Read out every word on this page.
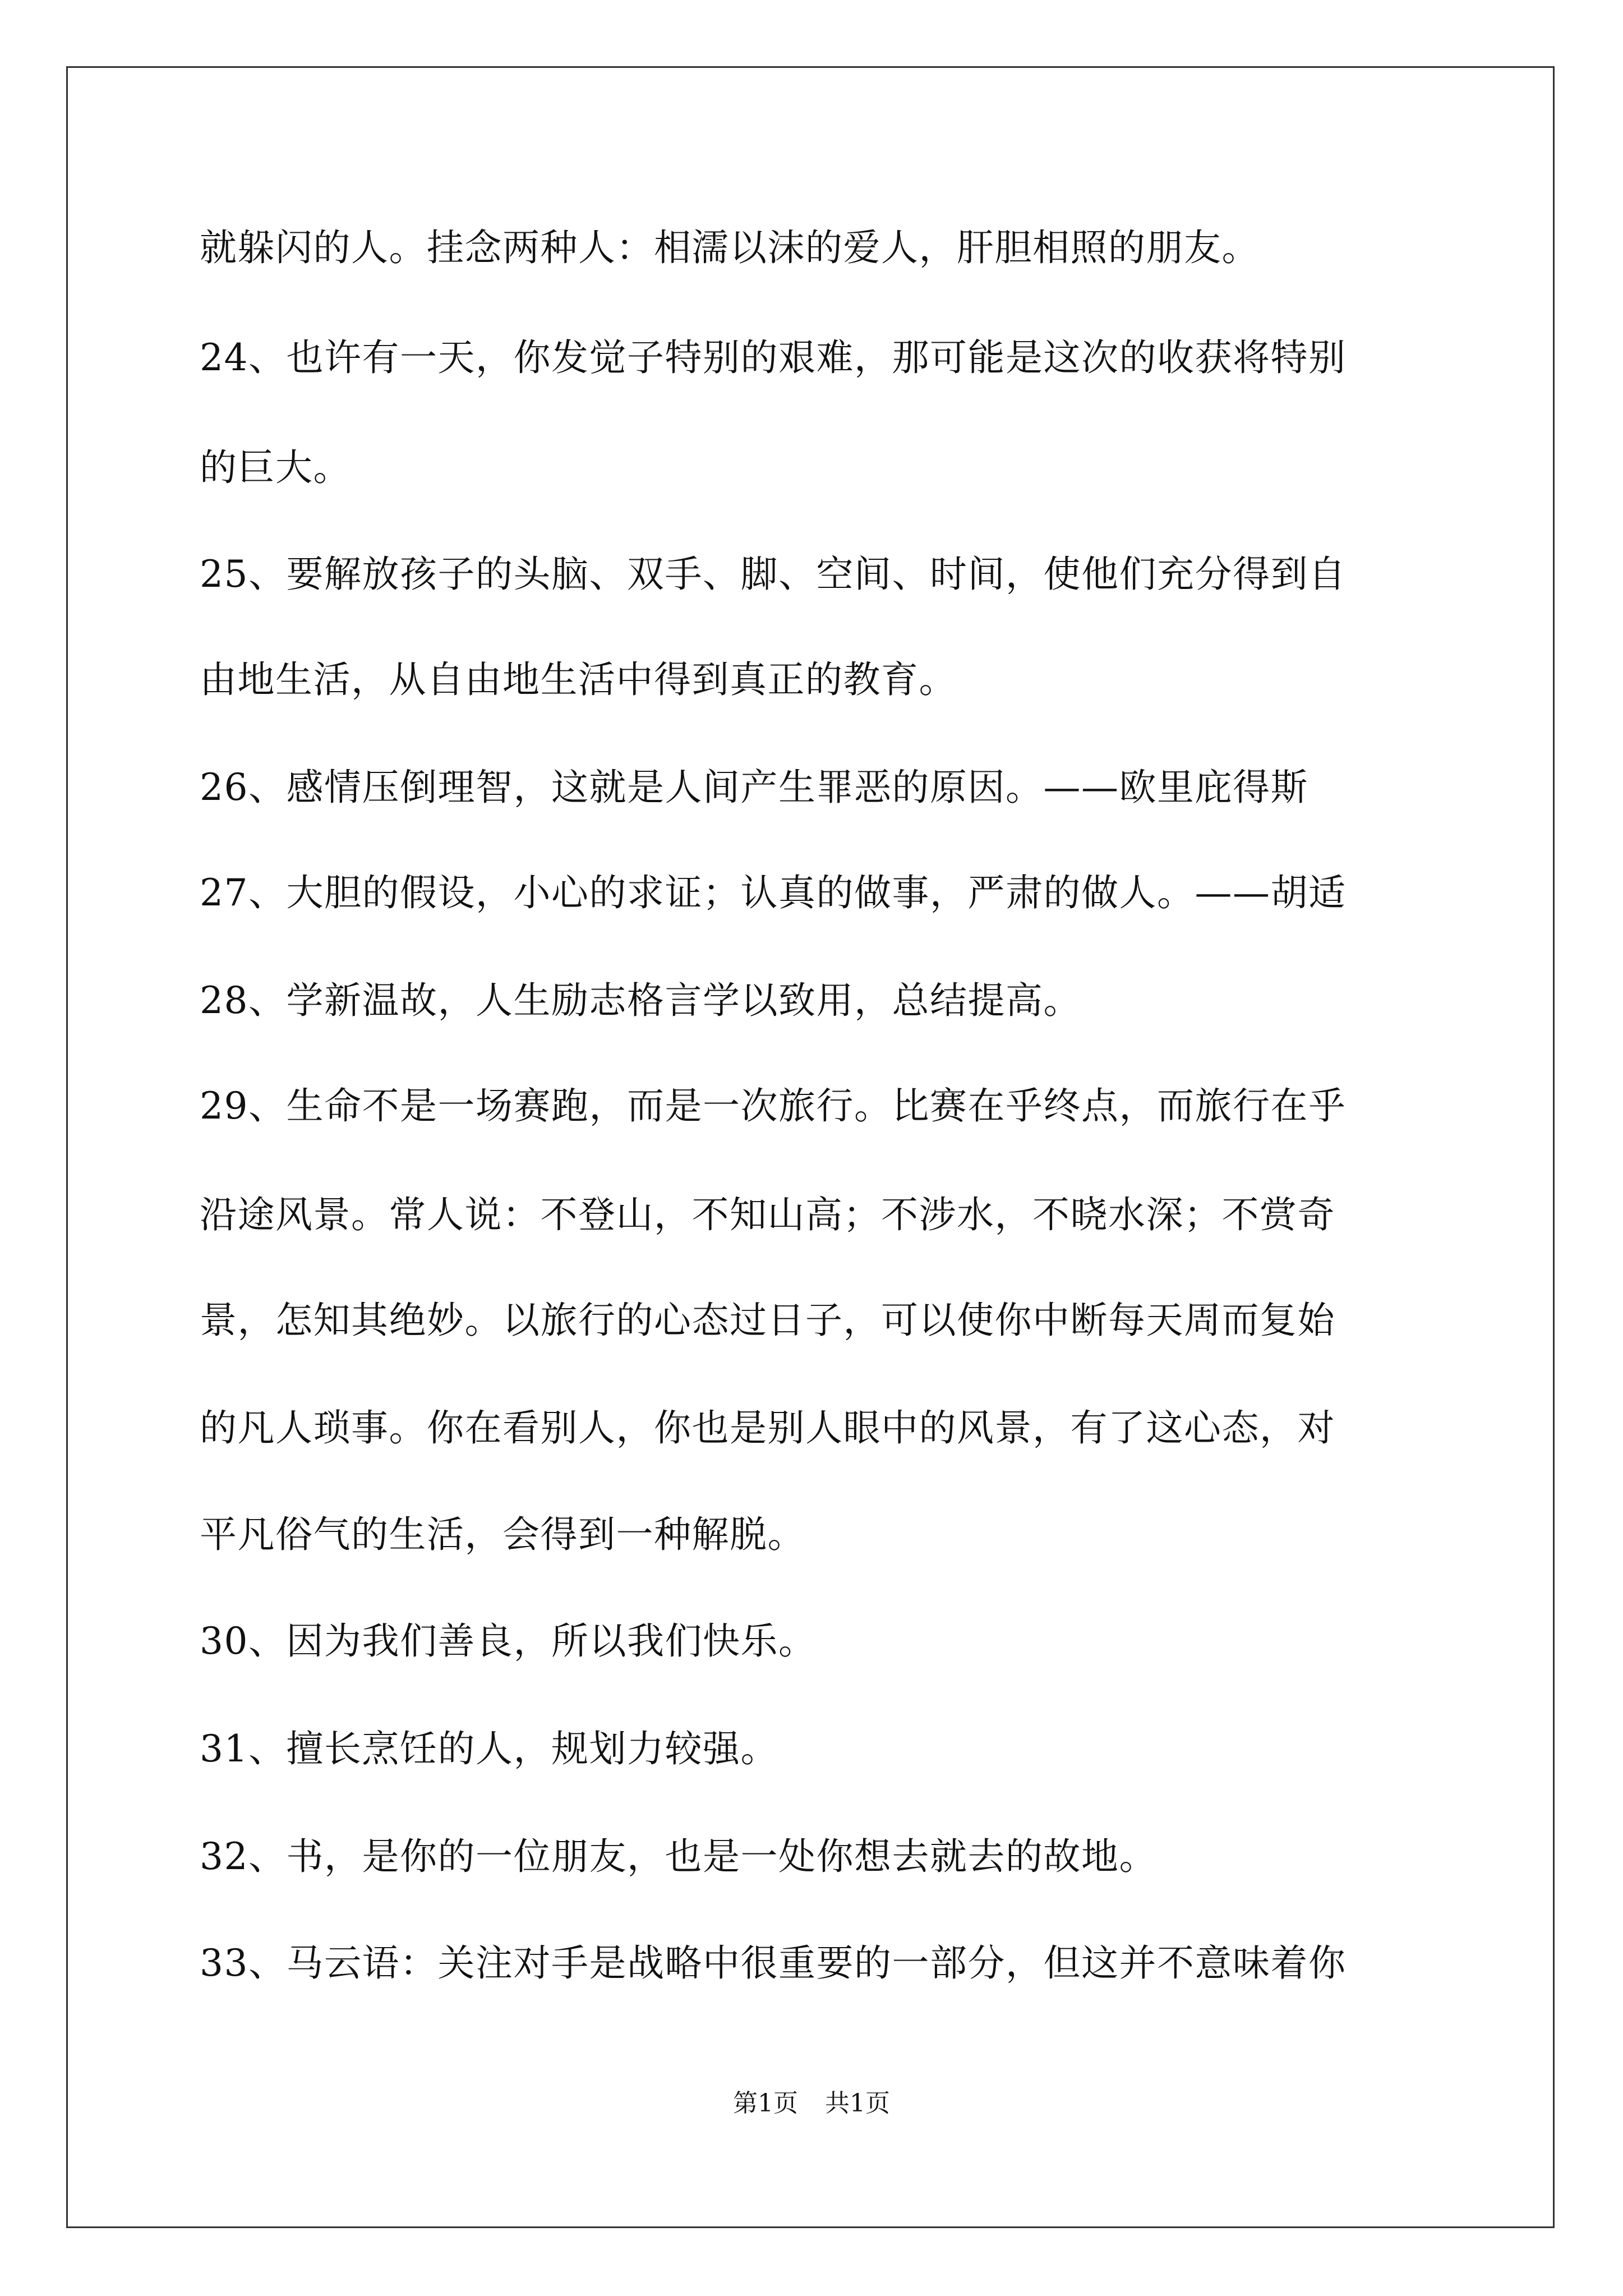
就躲闪的人。挂念两种人：相濡以沫的爱人，肝胆相照的朋友。

24、也许有一天，你发觉子特别的艰难，那可能是这次的收获将特别

的巨大。

25、要解放孩子的头脑、双手、脚、空间、时间，使他们充分得到自

由地生活，从自由地生活中得到真正的教育。

26、感情压倒理智，这就是人间产生罪恶的原因。——欧里庇得斯

27、大胆的假设，小心的求证；认真的做事，严肃的做人。——胡适

28、学新温故，人生励志格言学以致用，总结提高。

29、生命不是一场赛跑，而是一次旅行。比赛在乎终点，而旅行在乎

沿途风景。常人说：不登山，不知山高；不涉水，不晓水深；不赏奇

景，怎知其绝妙。以旅行的心态过日子，可以使你中断每天周而复始

的凡人琐事。你在看别人，你也是别人眼中的风景，有了这心态，对

平凡俗气的生活，会得到一种解脱。

30、因为我们善良，所以我们快乐。

31、擅长烹饪的人，规划力较强。

32、书，是你的一位朋友，也是一处你想去就去的故地。

33、马云语：关注对手是战略中很重要的一部分，但这并不意味着你

第1页 共1页
